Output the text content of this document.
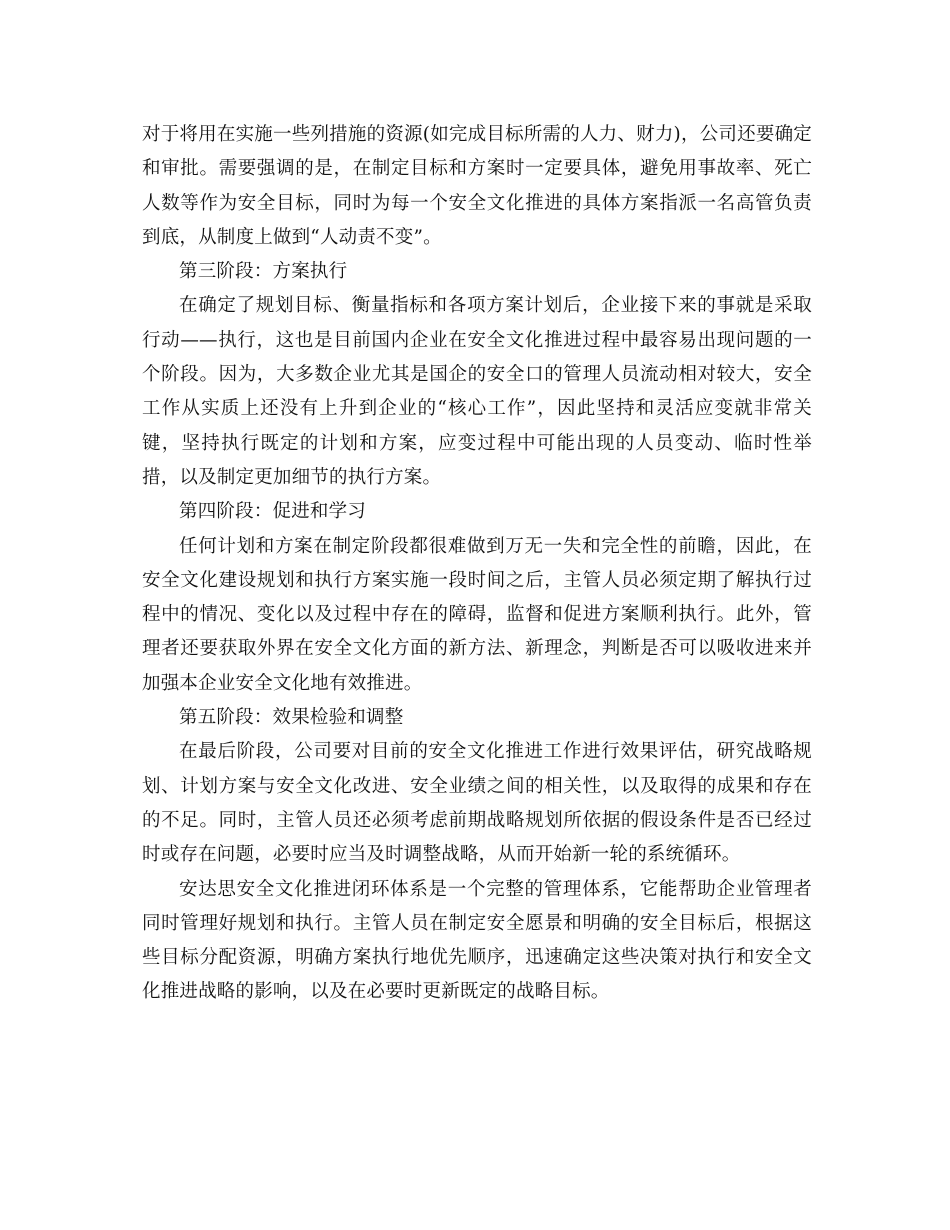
对于将用在实施一些列措施的资源(如完成目标所需的人力、财力)，公司还要确定和审批。需要强调的是，在制定目标和方案时一定要具体，避免用事故率、死亡人数等作为安全目标，同时为每一个安全文化推进的具体方案指派一名高管负责到底，从制度上做到“人动责不变”。

第三阶段：方案执行

在确定了规划目标、衡量指标和各项方案计划后，企业接下来的事就是采取行动——执行，这也是目前国内企业在安全文化推进过程中最容易出现问题的一个阶段。因为，大多数企业尤其是国企的安全口的管理人员流动相对较大，安全工作从实质上还没有上升到企业的“核心工作”，因此坚持和灵活应变就非常关键，坚持执行既定的计划和方案，应变过程中可能出现的人员变动、临时性举措，以及制定更加细节的执行方案。

第四阶段：促进和学习

任何计划和方案在制定阶段都很难做到万无一失和完全性的前瞻，因此，在安全文化建设规划和执行方案实施一段时间之后，主管人员必须定期了解执行过程中的情况、变化以及过程中存在的障碍，监督和促进方案顺利执行。此外，管理者还要获取外界在安全文化方面的新方法、新理念，判断是否可以吸收进来并加强本企业安全文化地有效推进。

第五阶段：效果检验和调整

在最后阶段，公司要对目前的安全文化推进工作进行效果评估，研究战略规划、计划方案与安全文化改进、安全业绩之间的相关性，以及取得的成果和存在的不足。同时，主管人员还必须考虑前期战略规划所依据的假设条件是否已经过时或存在问题，必要时应当及时调整战略，从而开始新一轮的系统循环。

安达思安全文化推进闭环体系是一个完整的管理体系，它能帮助企业管理者同时管理好规划和执行。主管人员在制定安全愿景和明确的安全目标后，根据这些目标分配资源，明确方案执行地优先顺序，迅速确定这些决策对执行和安全文化推进战略的影响，以及在必要时更新既定的战略目标。
